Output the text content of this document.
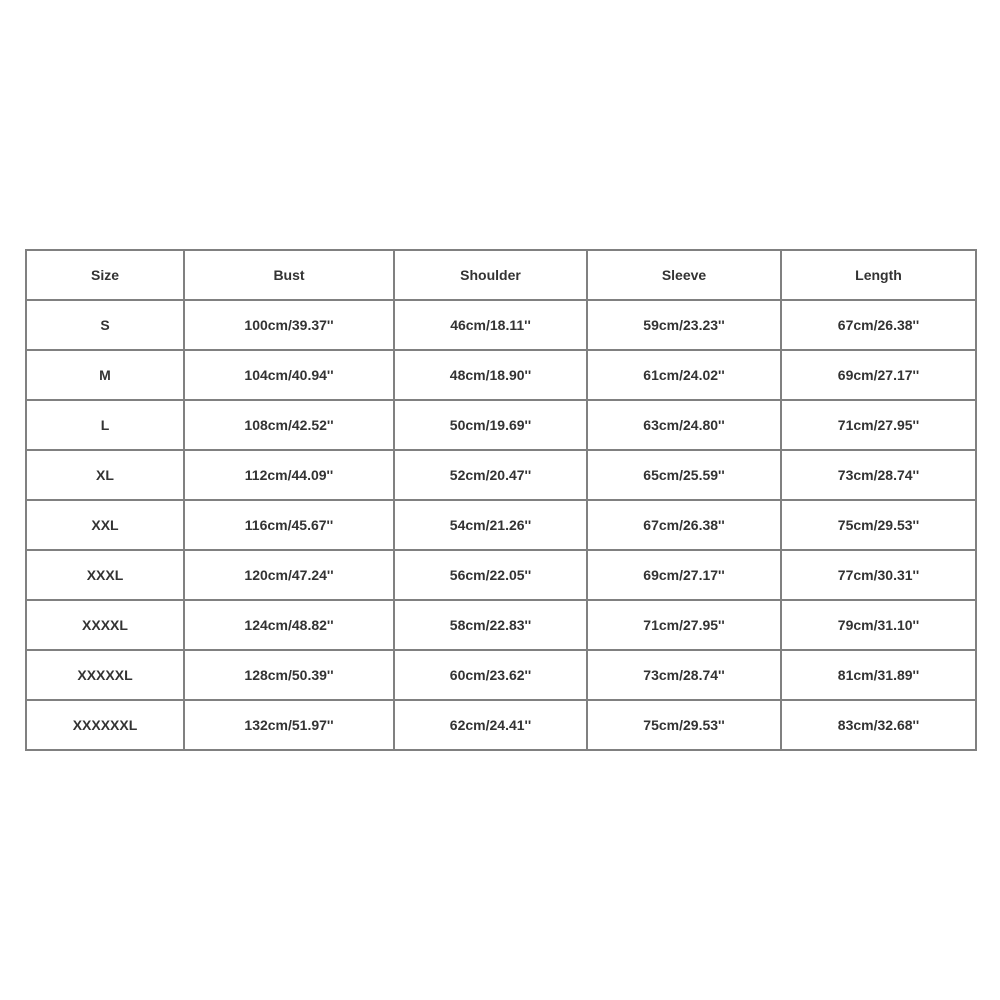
Size	Bust	Shoulder	Sleeve	Length
S	100cm/39.37''	46cm/18.11''	59cm/23.23''	67cm/26.38''
M	104cm/40.94''	48cm/18.90''	61cm/24.02''	69cm/27.17''
L	108cm/42.52''	50cm/19.69''	63cm/24.80''	71cm/27.95''
XL	112cm/44.09''	52cm/20.47''	65cm/25.59''	73cm/28.74''
XXL	116cm/45.67''	54cm/21.26''	67cm/26.38''	75cm/29.53''
XXXL	120cm/47.24''	56cm/22.05''	69cm/27.17''	77cm/30.31''
XXXXL	124cm/48.82''	58cm/22.83''	71cm/27.95''	79cm/31.10''
XXXXXL	128cm/50.39''	60cm/23.62''	73cm/28.74''	81cm/31.89''
XXXXXXL	132cm/51.97''	62cm/24.41''	75cm/29.53''	83cm/32.68''
